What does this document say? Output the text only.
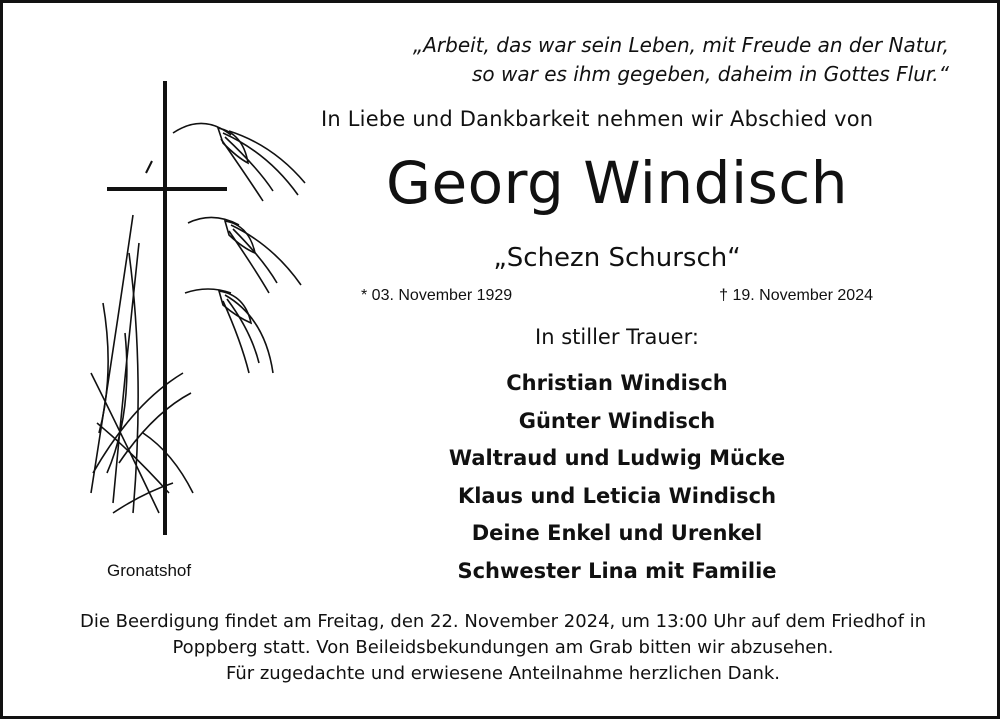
„Arbeit, das war sein Leben, mit Freude an der Natur,
so war es ihm gegeben, daheim in Gottes Flur.“
In Liebe und Dankbarkeit nehmen wir Abschied von
Georg Windisch
„Schezn Schursch“
* 03. November 1929	† 19. November 2024
In stiller Trauer:
Christian Windisch
Günter Windisch
Waltraud und Ludwig Mücke
Klaus und Leticia Windisch
Deine Enkel und Urenkel
Schwester Lina mit Familie
Gronatshof
Die Beerdigung findet am Freitag, den 22. November 2024, um 13:00 Uhr auf dem Friedhof in
Poppberg statt. Von Beileidsbekundungen am Grab bitten wir abzusehen.
Für zugedachte und erwiesene Anteilnahme herzlichen Dank.
